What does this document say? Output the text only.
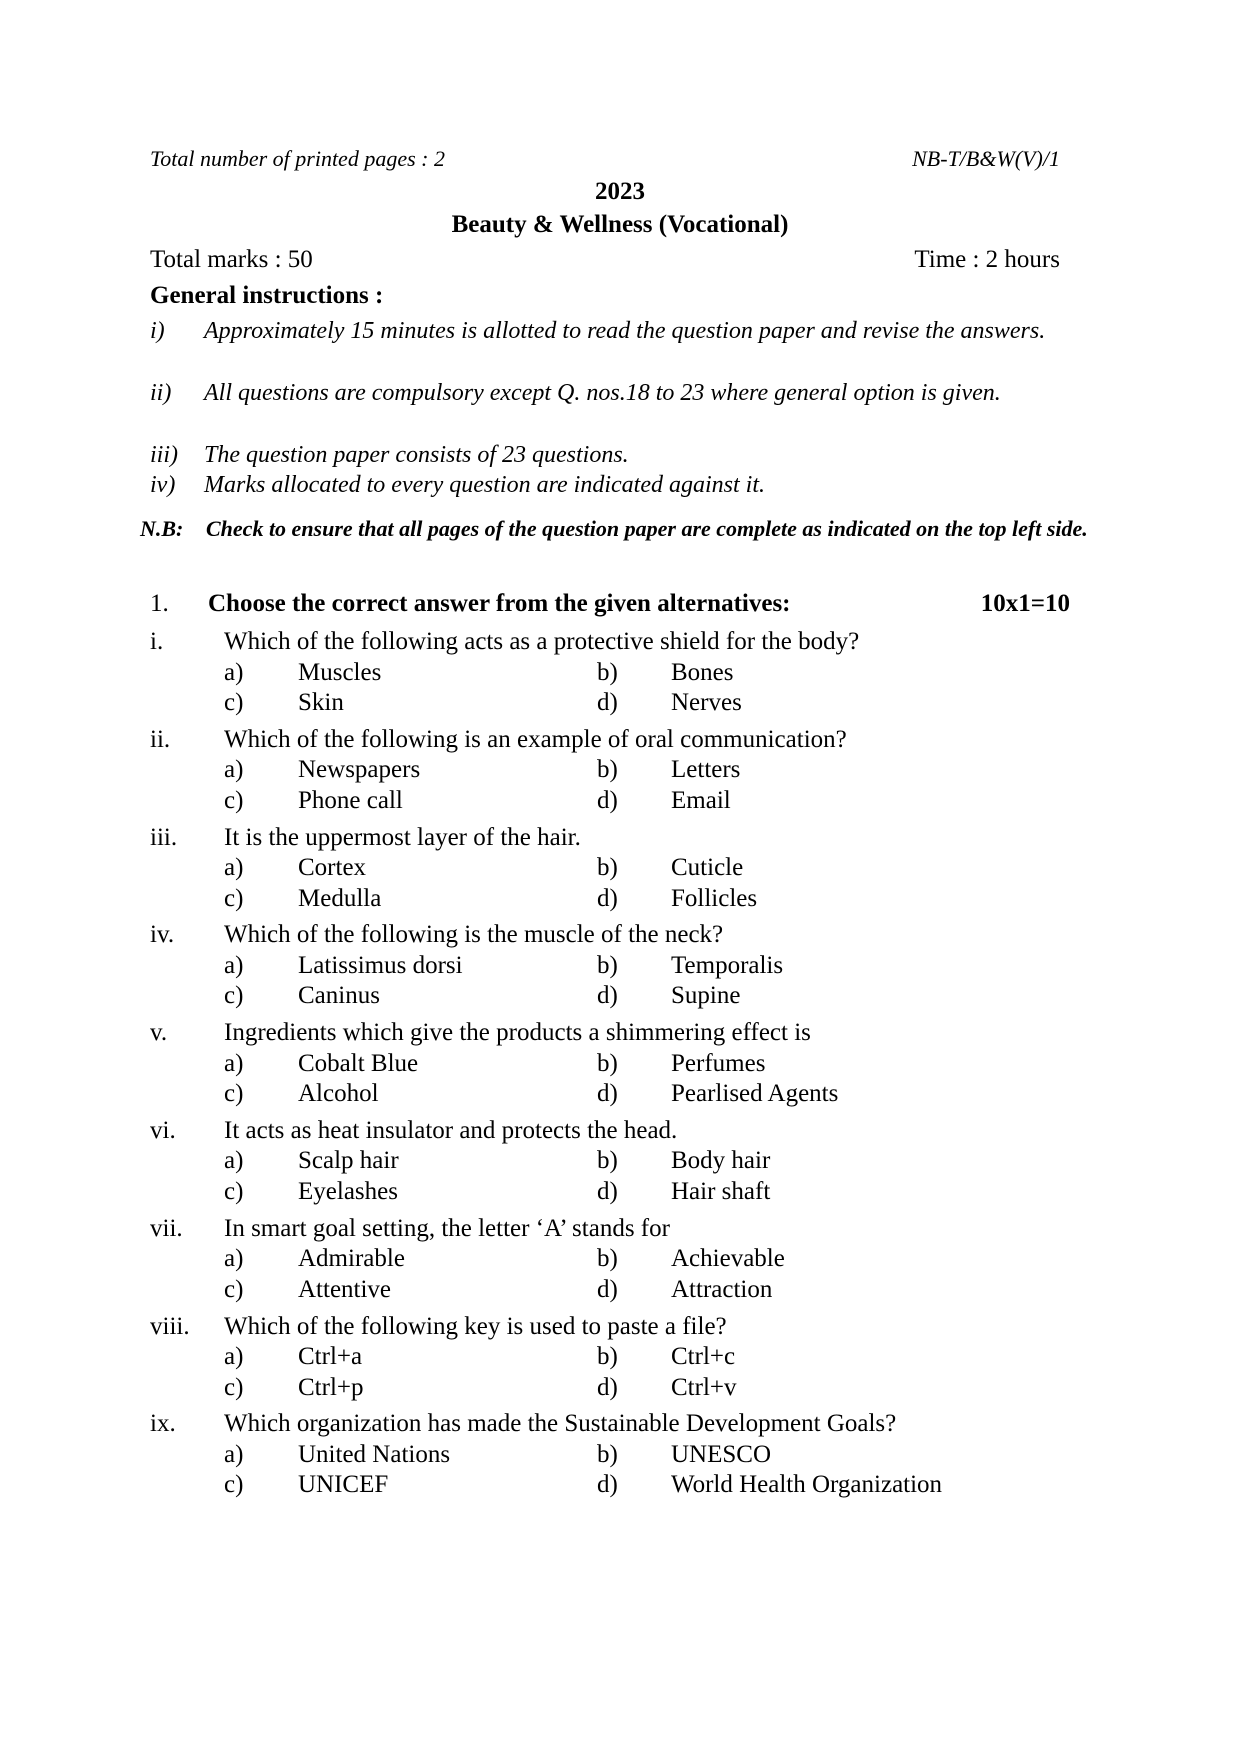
Total number of printed pages : 2	NB-T/B&W(V)/1
2023
Beauty & Wellness (Vocational)
Total marks : 50	Time : 2 hours
General instructions :
i) Approximately 15 minutes is allotted to read the question paper and revise the answers.
ii) All questions are compulsory except Q. nos.18 to 23 where general option is given.
iii) The question paper consists of 23 questions.
iv) Marks allocated to every question are indicated against it.
N.B: Check to ensure that all pages of the question paper are complete as indicated on the top left side.
1. Choose the correct answer from the given alternatives:	10x1=10
i. Which of the following acts as a protective shield for the body?
a) Muscles	b) Bones
c) Skin	d) Nerves
ii. Which of the following is an example of oral communication?
a) Newspapers	b) Letters
c) Phone call	d) Email
iii. It is the uppermost layer of the hair.
a) Cortex	b) Cuticle
c) Medulla	d) Follicles
iv. Which of the following is the muscle of the neck?
a) Latissimus dorsi	b) Temporalis
c) Caninus	d) Supine
v. Ingredients which give the products a shimmering effect is
a) Cobalt Blue	b) Perfumes
c) Alcohol	d) Pearlised Agents
vi. It acts as heat insulator and protects the head.
a) Scalp hair	b) Body hair
c) Eyelashes	d) Hair shaft
vii. In smart goal setting, the letter ‘A’ stands for
a) Admirable	b) Achievable
c) Attentive	d) Attraction
viii. Which of the following key is used to paste a file?
a) Ctrl+a	b) Ctrl+c
c) Ctrl+p	d) Ctrl+v
ix. Which organization has made the Sustainable Development Goals?
a) United Nations	b) UNESCO
c) UNICEF	d) World Health Organization
